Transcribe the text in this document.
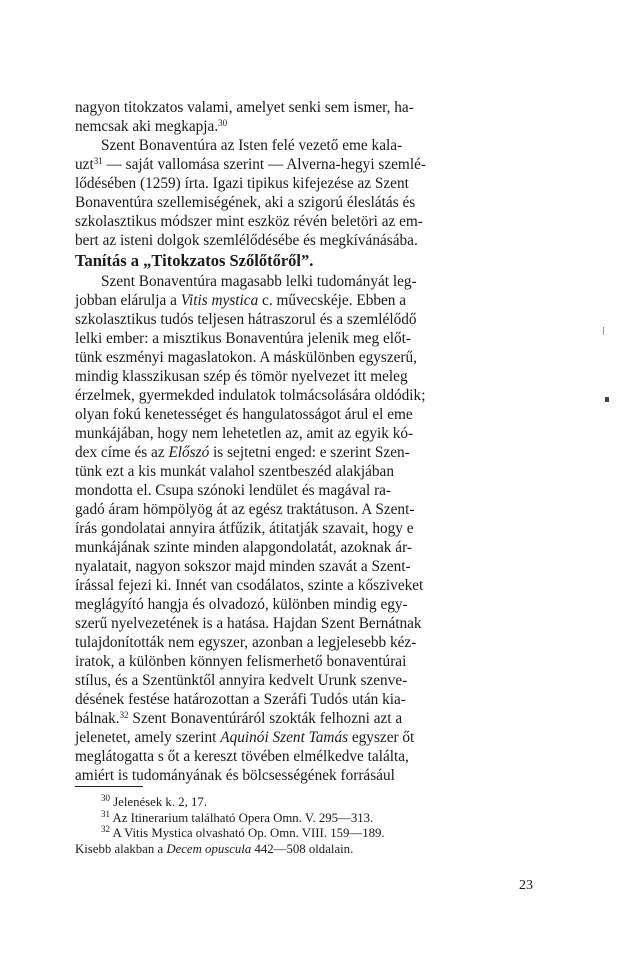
nagyon titokzatos valami, amelyet senki sem ismer, ha-
nemcsak aki megkapja.$^{30}$

Szent Bonaventúra az Isten felé vezető eme kala-
uzt$^{31}$ — saját vallomása szerint — Alverna-hegyi szemlé-
lődésében (1259) írta. Igazi tipikus kifejezése az Szent
Bonaventúra szellemiségének, aki a szigorú éleslátás és
szkolasztikus módszer mint eszköz révén beletöri az em-
bert az isteni dolgok szemlélődésébe és megkívánásába.

Tanítás a „Titokzatos Szőlőtőről”.

Szent Bonaventúra magasabb lelki tudományát leg-
jobban elárulja a Vitis mystica c. művecskéje. Ebben a
szkolasztikus tudós teljesen hátraszorul és a szemlélődő
lelki ember: a misztikus Bonaventúra jelenik meg előt-
tünk eszményi magaslatokon. A máskülönben egyszerű,
mindig klasszikusan szép és tömör nyelvezet itt meleg
érzelmek, gyermekded indulatok tolmácsolására oldódik;
olyan fokú kenetességet és hangulatosságot árul el eme
munkájában, hogy nem lehetetlen az, amit az egyik kó-
dex címe és az Előszó is sejtetni enged: e szerint Szen-
tünk ezt a kis munkát valahol szentbeszéd alakjában
mondotta el. Csupa szónoki lendület és magával ra-
gadó áram hömpölyög át az egész traktátuson. A Szent-
írás gondolatai annyira átfűzik, átitatják szavait, hogy e
munkájának szinte minden alapgondolatát, azoknak ár-
nyalatait, nagyon sokszor majd minden szavát a Szent-
írással fejezi ki. Innét van csodálatos, szinte a kősziveket
meglágyító hangja és olvadozó, különben mindig egy-
szerű nyelvezetének is a hatása. Hajdan Szent Bernátnak
tulajdonították nem egyszer, azonban a legjelesebb kéz-
iratok, a különben könnyen felismerhető bonaventúrai
stílus, és a Szentünktől annyira kedvelt Urunk szenve-
désének festése határozottan a Szeráfi Tudós után kia-
bálnak.$^{32}$ Szent Bonaventúráról szokták felhozni azt a
jelenetet, amely szerint Aquinói Szent Tamás egyszer őt
meglátogatta s őt a kereszt tövében elmélkedve találta,
amiért is tudományának és bölcsességének forrásául

$^{30}$ Jelenések k. 2, 17.

$^{31}$ Az Itinerarium található Opera Omn. V. 295—313.

$^{32}$ A Vitis Mystica olvasható Op. Omn. VIII. 159—189.

Kisebb alakban a Decem opuscula 442—508 oldalain.

23
